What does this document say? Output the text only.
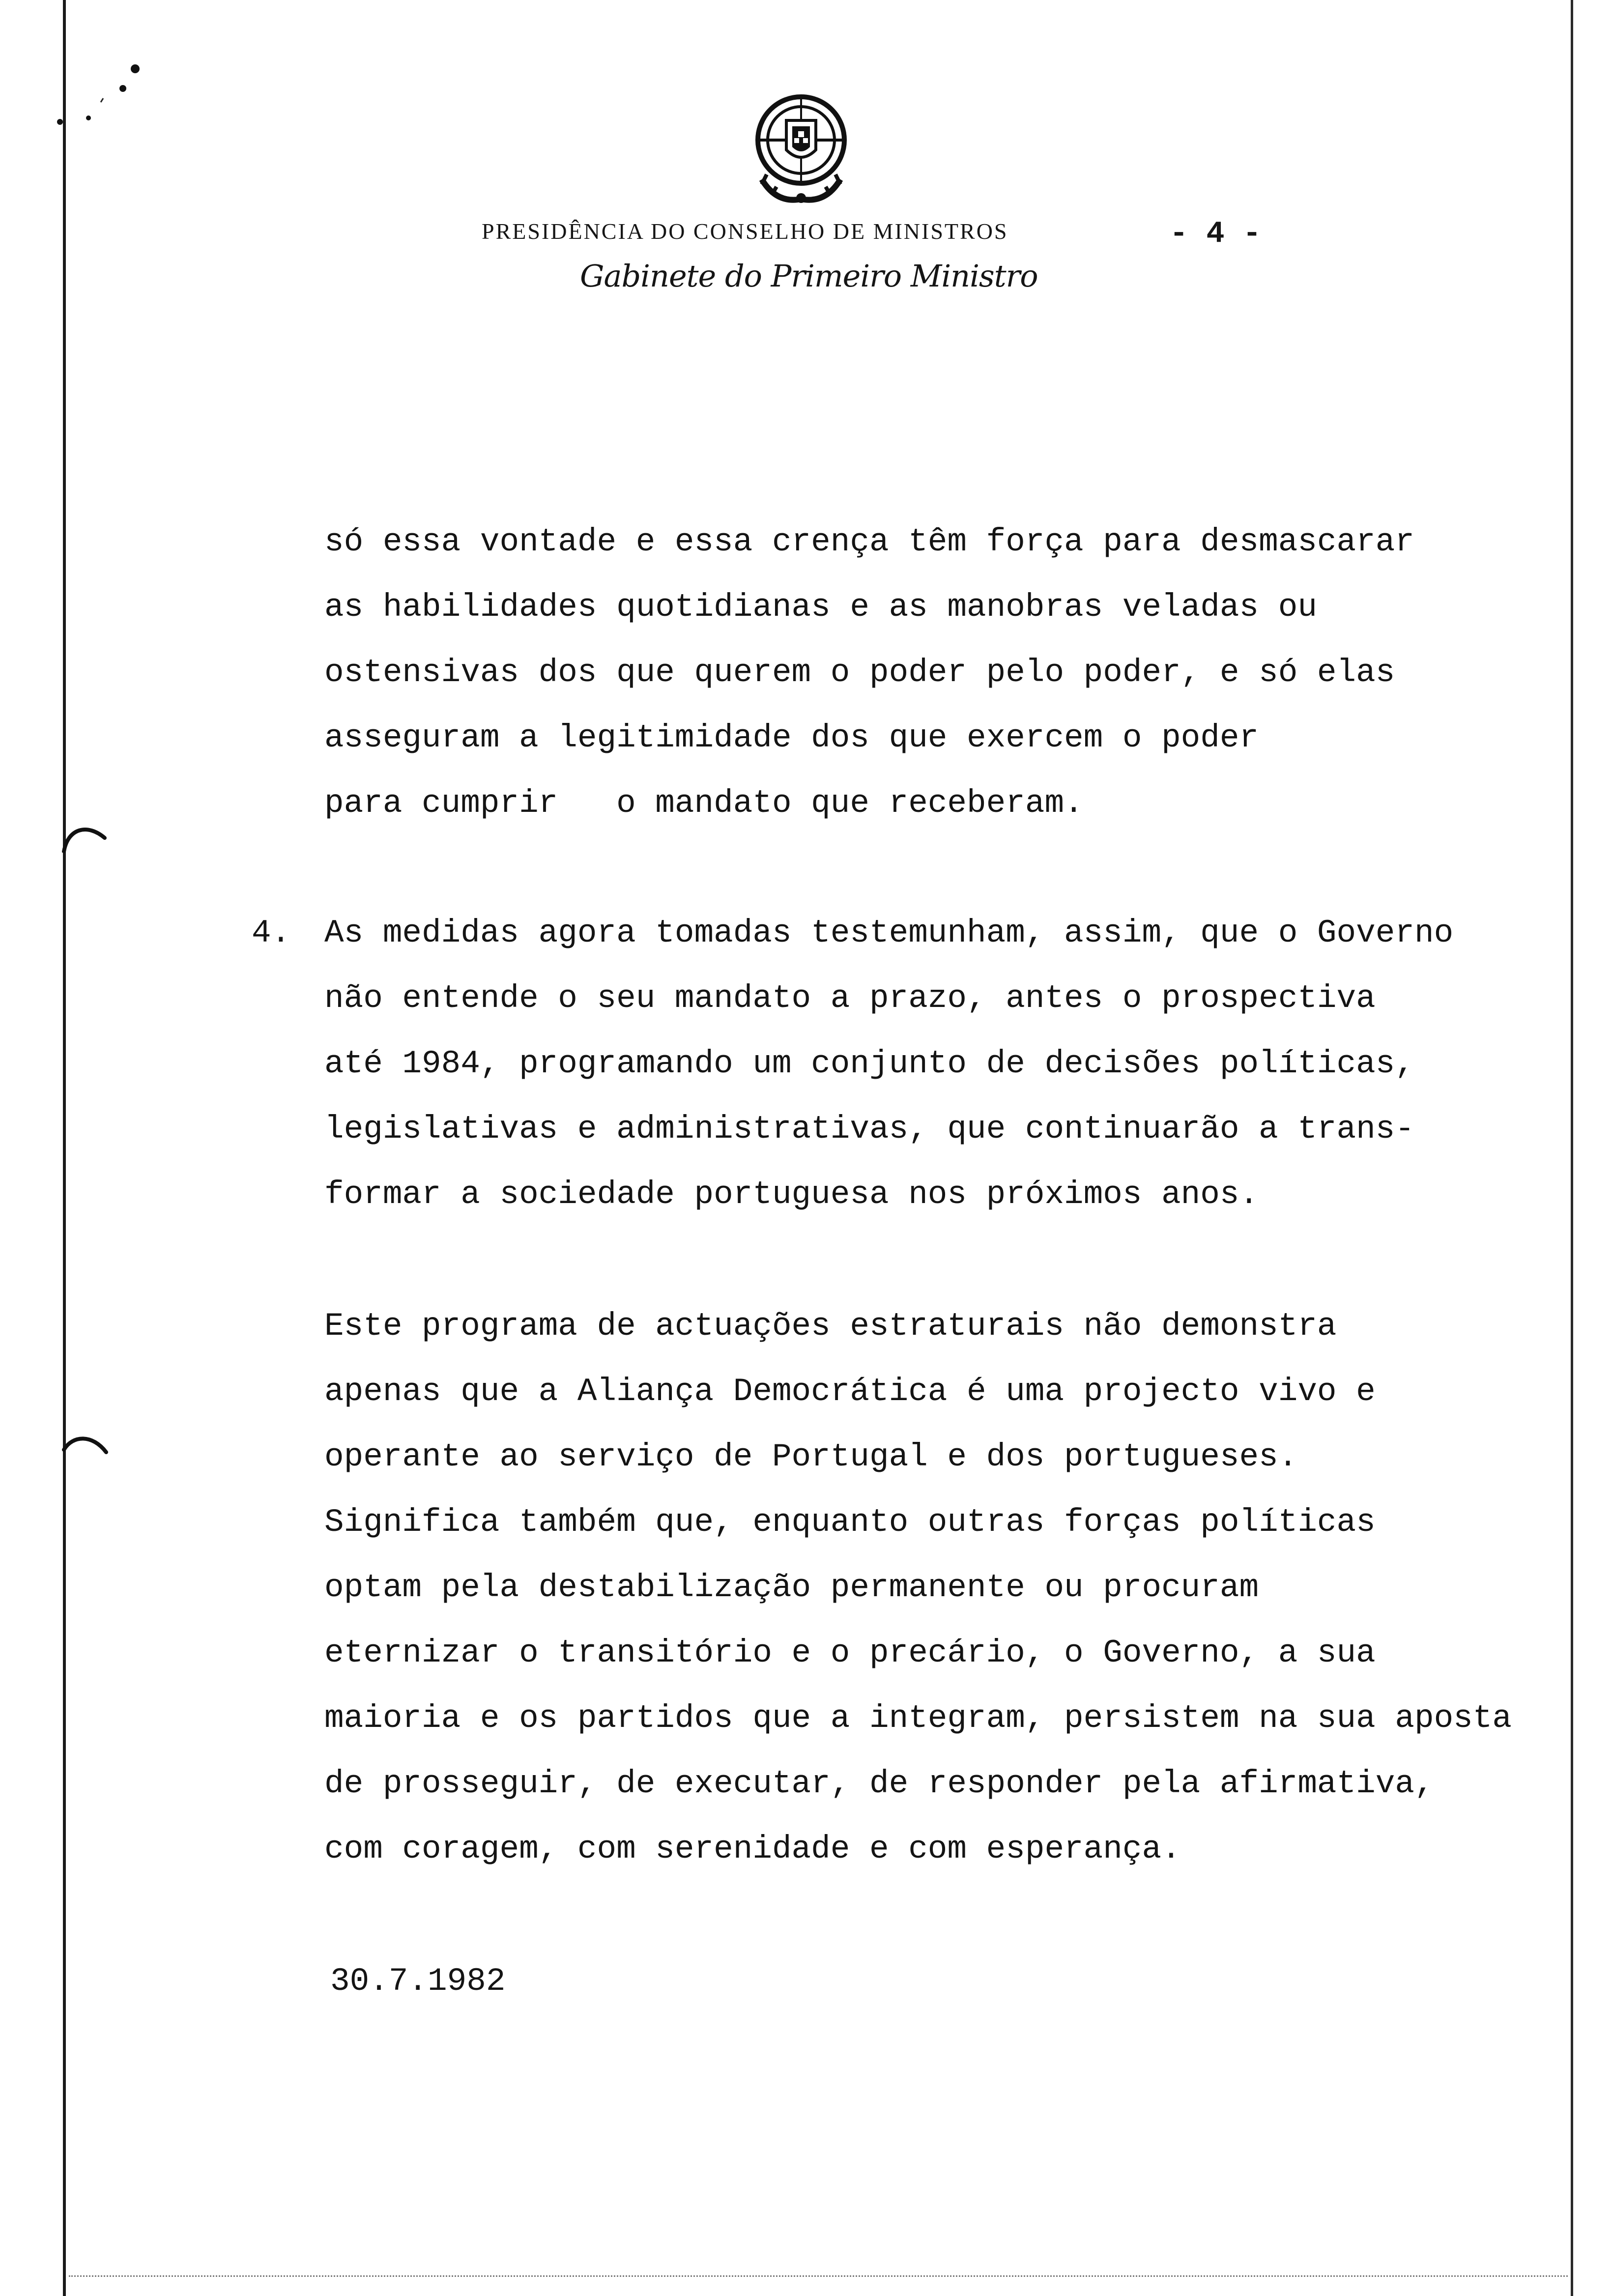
PRESIDÊNCIA DO CONSELHO DE MINISTROS	- 4 -
Gabinete do Primeiro Ministro
só essa vontade e essa crença têm força para desmascarar
as habilidades quotidianas e as manobras veladas ou
ostensivas dos que querem o poder pelo poder, e só elas
asseguram a legitimidade dos que exercem o poder
para cumprir   o mandato que receberam.
4. As medidas agora tomadas testemunham, assim, que o Governo
não entende o seu mandato a prazo, antes o prospectiva
até 1984, programando um conjunto de decisões políticas,
legislativas e administrativas, que continuarão a trans-
formar a sociedade portuguesa nos próximos anos.
Este programa de actuações estraturais não demonstra
apenas que a Aliança Democrática é uma projecto vivo e
operante ao serviço de Portugal e dos portugueses.
Significa também que, enquanto outras forças políticas
optam pela destabilização permanente ou procuram
eternizar o transitório e o precário, o Governo, a sua
maioria e os partidos que a integram, persistem na sua aposta
de prosseguir, de executar, de responder pela afirmativa,
com coragem, com serenidade e com esperança.
30.7.1982
